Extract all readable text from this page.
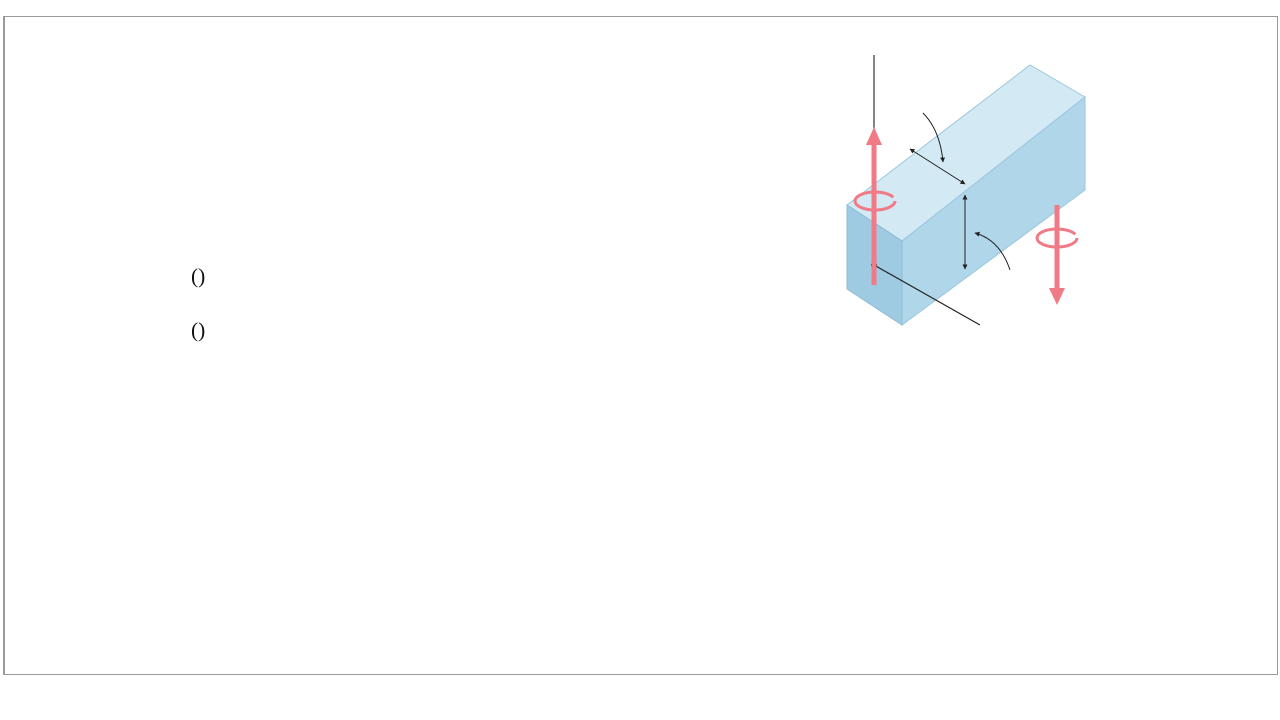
()
()
